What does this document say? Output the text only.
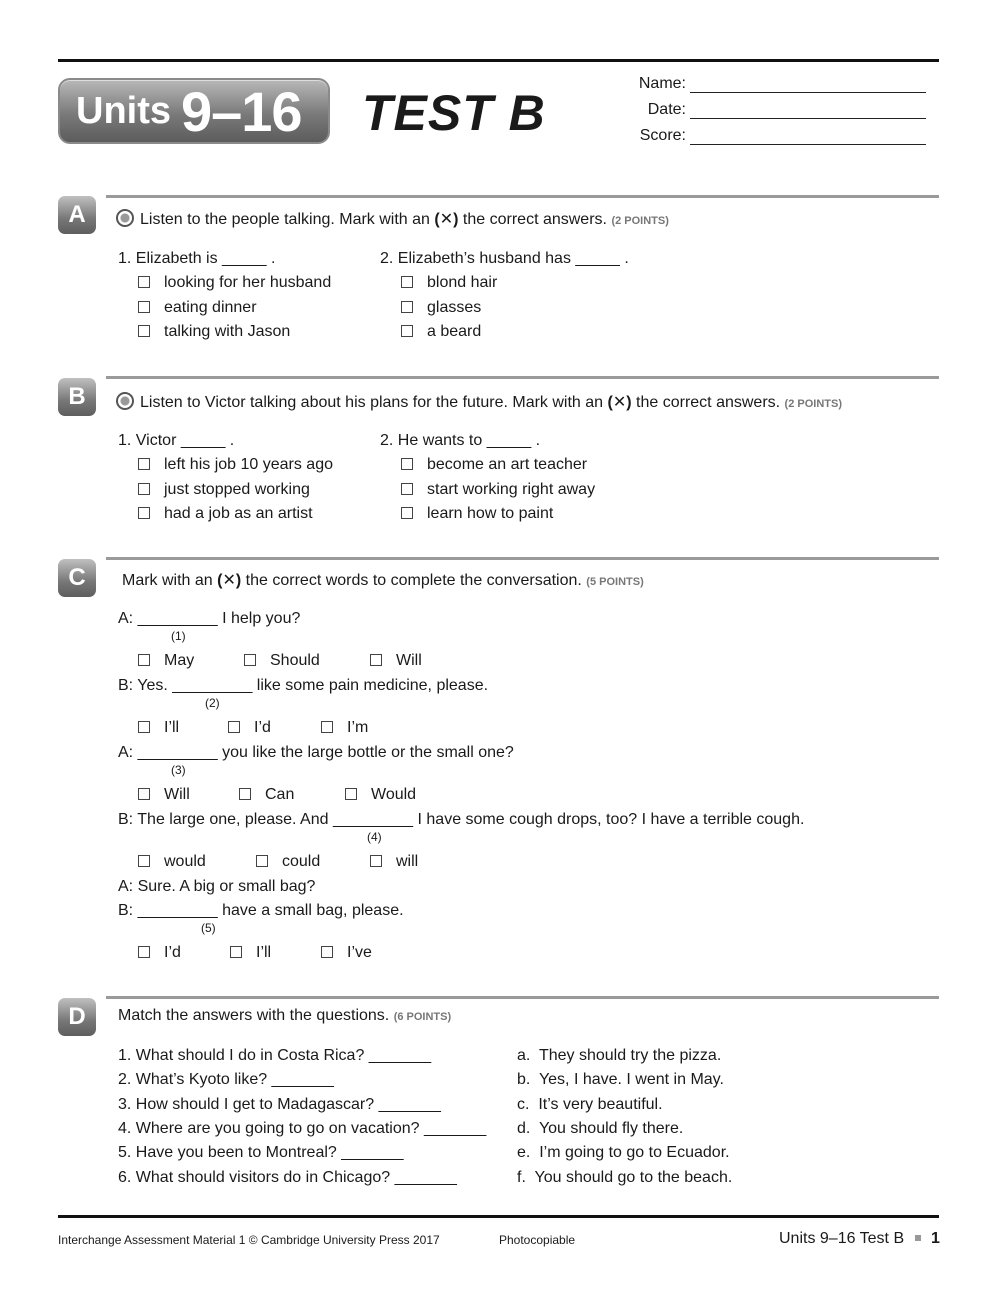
Units 9–16 TEST B
Name:
Date:
Score:
A	Listen to the people talking. Mark with an (✕) the correct answers. (2 POINTS)
1. Elizabeth is _____ .
looking for her husband
eating dinner
talking with Jason
2. Elizabeth’s husband has _____ .
blond hair
glasses
a beard
B	Listen to Victor talking about his plans for the future. Mark with an (✕) the correct answers. (2 POINTS)
1. Victor _____ .
left his job 10 years ago
just stopped working
had a job as an artist
2. He wants to _____ .
become an art teacher
start working right away
learn how to paint
C	Mark with an (✕) the correct words to complete the conversation. (5 POINTS)
A: _________ I help you?
(1)
May	Should	Will
B: Yes. _________ like some pain medicine, please.
(2)
I’ll	I’d	I’m
A: _________ you like the large bottle or the small one?
(3)
Will	Can	Would
B: The large one, please. And _________ I have some cough drops, too? I have a terrible cough.
(4)
would	could	will
A: Sure. A big or small bag?
B: _________ have a small bag, please.
(5)
I’d	I’ll	I’ve
D	Match the answers with the questions. (6 POINTS)
1. What should I do in Costa Rica? _______
2. What’s Kyoto like? _______
3. How should I get to Madagascar? _______
4. Where are you going to go on vacation? _______
5. Have you been to Montreal? _______
6. What should visitors do in Chicago? _______
a.  They should try the pizza.
b.  Yes, I have. I went in May.
c.  It’s very beautiful.
d.  You should fly there.
e.  I’m going to go to Ecuador.
f.  You should go to the beach.
Interchange Assessment Material 1 © Cambridge University Press 2017	Photocopiable	Units 9–16 Test B 1
